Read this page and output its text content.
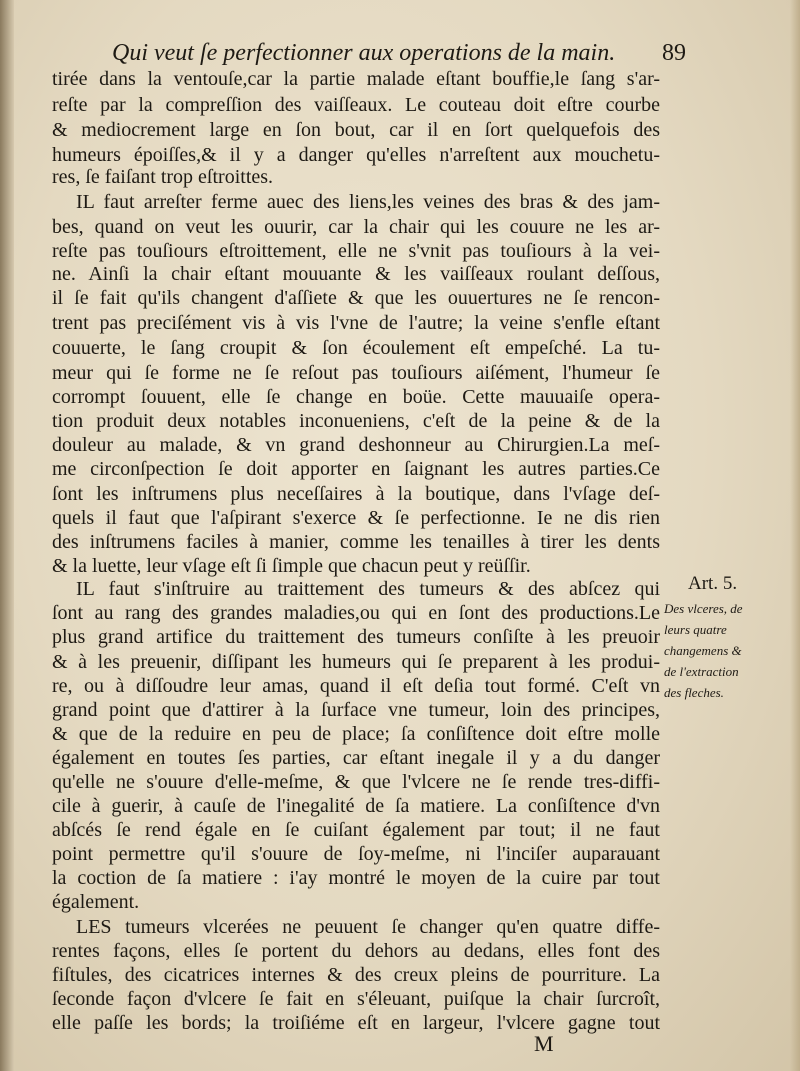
Qui veut ſe perfectionner aux operations de la main.	89
tirée dans la ventouſe,car la partie malade eſtant bouffie,le ſang s'ar-
reſte par la compreſſion des vaiſſeaux. Le couteau doit eſtre courbe
& mediocrement large en ſon bout, car il en ſort quelquefois des
humeurs époiſſes,& il y a danger qu'elles n'arreſtent aux mouchetu-
res, ſe faiſant trop eſtroittes.
IL faut arreſter ferme auec des liens,les veines des bras & des jam-
bes, quand on veut les ouurir, car la chair qui les couure ne les ar-
reſte pas touſiours eſtroittement, elle ne s'vnit pas touſiours à la vei-
ne. Ainſi la chair eſtant mouuante & les vaiſſeaux roulant deſſous,
il ſe fait qu'ils changent d'aſſiete & que les ouuertures ne ſe rencon-
trent pas preciſément vis à vis l'vne de l'autre; la veine s'enfle eſtant
couuerte, le ſang croupit & ſon écoulement eſt empeſché. La tu-
meur qui ſe forme ne ſe reſout pas touſiours aiſément, l'humeur ſe
corrompt ſouuent, elle ſe change en boüe. Cette mauuaiſe opera-
tion produit deux notables inconueniens, c'eſt de la peine & de la
douleur au malade, & vn grand deshonneur au Chirurgien.La meſ-
me circonſpection ſe doit apporter en ſaignant les autres parties.Ce
ſont les inſtrumens plus neceſſaires à la boutique, dans l'vſage deſ-
quels il faut que l'aſpirant s'exerce & ſe perfectionne. Ie ne dis rien
des inſtrumens faciles à manier, comme les tenailles à tirer les dents
& la luette, leur vſage eſt ſi ſimple que chacun peut y reüſſir.
IL faut s'inſtruire au traittement des tumeurs & des abſcez qui
ſont au rang des grandes maladies,ou qui en ſont des productions.Le
plus grand artifice du traittement des tumeurs conſiſte à les preuoir
& à les preuenir, diſſipant les humeurs qui ſe preparent à les produi-
re, ou à diſſoudre leur amas, quand il eſt deſia tout formé. C'eſt vn
grand point que d'attirer à la ſurface vne tumeur, loin des principes,
& que de la reduire en peu de place; ſa conſiſtence doit eſtre molle
également en toutes ſes parties, car eſtant inegale il y a du danger
qu'elle ne s'ouure d'elle-meſme, & que l'vlcere ne ſe rende tres-diffi-
cile à guerir, à cauſe de l'inegalité de ſa matiere. La conſiſtence d'vn
abſcés ſe rend égale en ſe cuiſant également par tout; il ne faut
point permettre qu'il s'ouure de ſoy-meſme, ni l'inciſer auparauant
la coction de ſa matiere : i'ay montré le moyen de la cuire par tout
également.
LES tumeurs vlcerées ne peuuent ſe changer qu'en quatre diffe-
rentes façons, elles ſe portent du dehors au dedans, elles font des
fiſtules, des cicatrices internes & des creux pleins de pourriture. La
ſeconde façon d'vlcere ſe fait en s'éleuant, puiſque la chair ſurcroît,
elle paſſe les bords; la troiſiéme eſt en largeur, l'vlcere gagne tout
Art. 5.
Des vlceres, de
leurs quatre
changemens &
de l'extraction
des fleches.
M
